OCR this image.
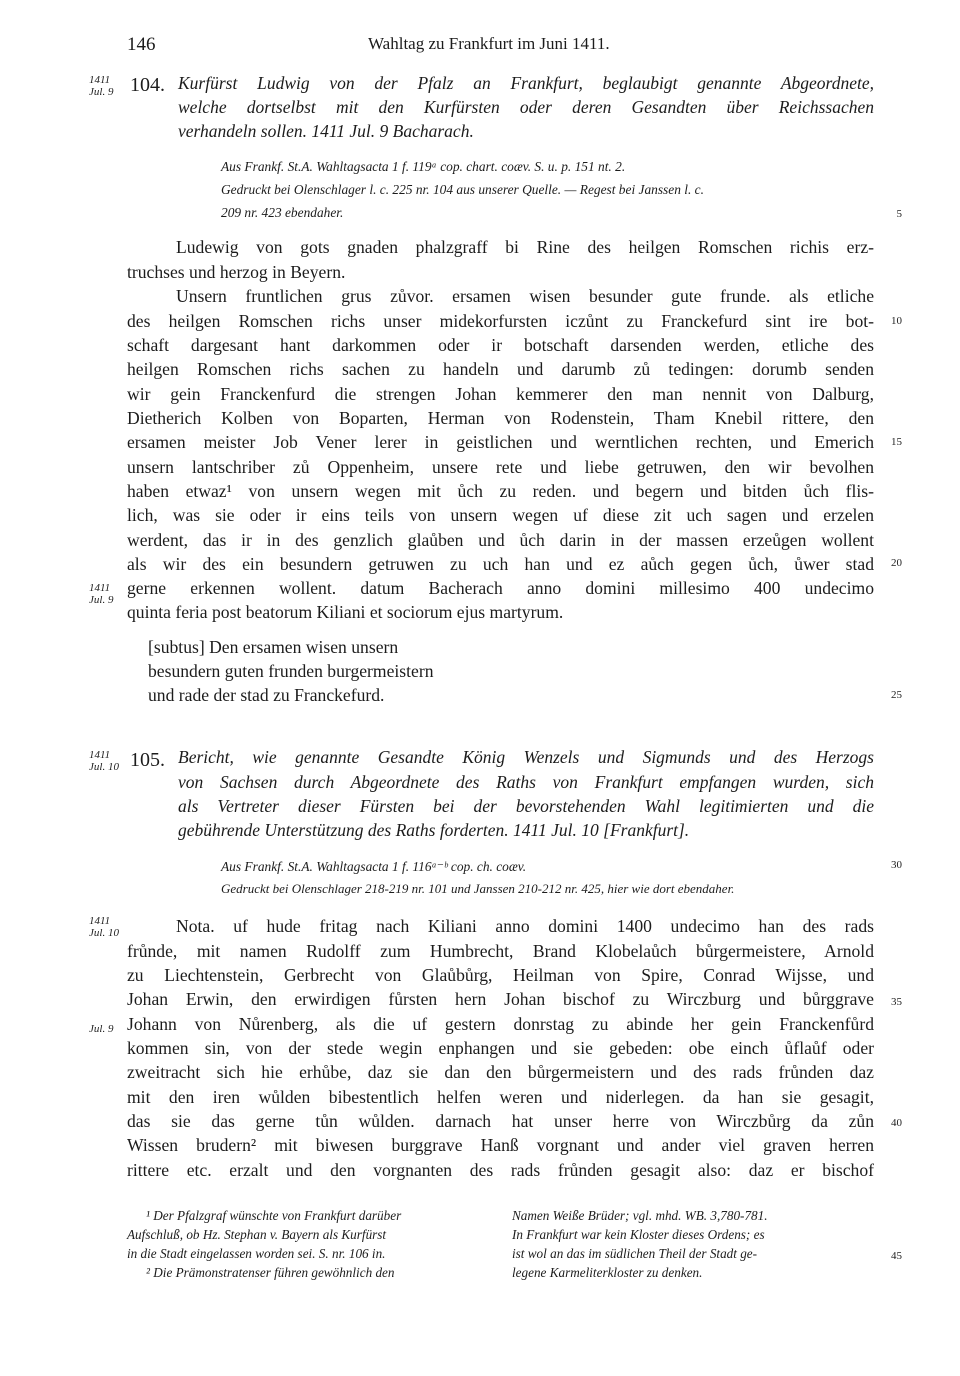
146	Wahltag zu Frankfurt im Juni 1411.
1411 Jul. 9
1411 Jul. 9
1411 Jul. 10
1411 Jul. 10
Jul. 9
5
10
15
20
25
30
35
40
45
104. Kurfürst Ludwig von der Pfalz an Frankfurt, beglaubigt genannte Abgeordnete,
welche dortselbst mit den Kurfürsten oder deren Gesandten über Reichssachen
verhandeln sollen. 1411 Jul. 9 Bacharach.
Aus Frankf. St.A. Wahltagsacta 1 f. 119ᵃ cop. chart. coæv. S. u. p. 151 nt. 2.
Gedruckt bei Olenschlager l. c. 225 nr. 104 aus unserer Quelle. — Regest bei Janssen l. c.
209 nr. 423 ebendaher.
Ludewig von gots gnaden phalzgraff bi Rine des heilgen Romschen richis erz-
truchses und herzog in Beyern.
Unsern fruntlichen grus zůvor. ersamen wisen besunder gute frunde. als etliche
des heilgen Romschen richs unser midekorfursten iczůnt zu Franckefurd sint ire bot-
schaft dargesant hant darkommen oder ir botschaft darsenden werden, etliche des
heilgen Romschen richs sachen zu handeln und darumb zů tedingen: dorumb senden
wir gein Franckenfurd die strengen Johan kemmerer den man nennit von Dalburg,
Dietherich Kolben von Boparten, Herman von Rodenstein, Tham Knebil rittere, den
ersamen meister Job Vener lerer in geistlichen und werntlichen rechten, und Emerich
unsern lantschriber zů Oppenheim, unsere rete und liebe getruwen, den wir bevolhen
haben etwaz¹ von unsern wegen mit ůch zu reden. und begern und bitden ůch flis-
lich, was sie oder ir eins teils von unsern wegen uf diese zit uch sagen und erzelen
werdent, das ir in des genzlich glaůben und ůch darin in der massen erzeůgen wollent
als wir des ein besundern getruwen zu uch han und ez aůch gegen ůch, ůwer stad
gerne erkennen wollent. datum Bacherach anno domini millesimo 400 undecimo
quinta feria post beatorum Kiliani et sociorum ejus martyrum.
[subtus] Den ersamen wisen unsern
besundern guten frunden burgermeistern
und rade der stad zu Franckefurd.
105. Bericht, wie genannte Gesandte König Wenzels und Sigmunds und des Herzogs
von Sachsen durch Abgeordnete des Raths von Frankfurt empfangen wurden, sich
als Vertreter dieser Fürsten bei der bevorstehenden Wahl legitimierten und die
gebührende Unterstützung des Raths forderten. 1411 Jul. 10 [Frankfurt].
Aus Frankf. St.A. Wahltagsacta 1 f. 116ᵃ⁻ᵇ cop. ch. coæv.
Gedruckt bei Olenschlager 218-219 nr. 101 und Janssen 210-212 nr. 425, hier wie dort ebendaher.
Nota. uf hude fritag nach Kiliani anno domini 1400 undecimo han des rads
frůnde, mit namen Rudolff zum Humbrecht, Brand Klobelaůch bůrgermeistere, Arnold
zu Liechtenstein, Gerbrecht von Glaůbůrg, Heilman von Spire, Conrad Wijsse, und
Johan Erwin, den erwirdigen fůrsten hern Johan bischof zu Wirczburg und bůrggrave
Johann von Nůrenberg, als die uf gestern donrstag zu abinde her gein Franckenfůrd
kommen sin, von der stede wegin enphangen und sie gebeden: obe einch ůflaůf oder
zweitracht sich hie erhůbe, daz sie dan den bůrgermeistern und des rads frůnden daz
mit den iren wůlden bibestentlich helfen weren und niderlegen. da han sie gesagit,
das sie das gerne tůn wůlden. darnach hat unser herre von Wirczbůrg da zůn
Wissen brudern² mit biwesen burggrave Hanß vorgnant und ander viel graven herren
rittere etc. erzalt und den vorgnanten des rads frůnden gesagit also: daz er bischof
¹ Der Pfalzgraf wünschte von Frankfurt darüber
Aufschluß, ob Hz. Stephan v. Bayern als Kurfürst
in die Stadt eingelassen worden sei. S. nr. 106 in.
² Die Prämonstratenser führen gewöhnlich den
Namen Weiße Brüder; vgl. mhd. WB. 3,780-781.
In Frankfurt war kein Kloster dieses Ordens; es
ist wol an das im südlichen Theil der Stadt ge-
legene Karmeliterkloster zu denken.
